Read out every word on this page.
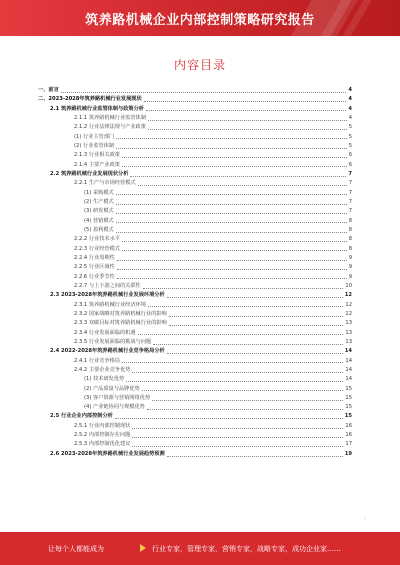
筑养路机械企业内部控制策略研究报告
内容目录
一、前言	4
二、2023-2028年筑养路机械行业发展现状	4
2.1 筑养路机械行业监管体制与政策分析	4
2.1.1 筑养路机械行业监管体制	4
2.1.2 行业法律法规与产业政策	5
(1) 行业主管部门	5
(2) 行业监管体制	5
2.1.3 行业相关政策	6
2.1.4 主要产业政策	6
2.2 筑养路机械行业发展现状分析	7
2.2.1 生产与市场经营模式	7
(1) 采购模式	7
(2) 生产模式	7
(3) 研发模式	7
(4) 营销模式	8
(5) 盈利模式	8
2.2.2 行业技术水平	8
2.2.3 行业经营模式	8
2.2.4 行业周期性	9
2.2.5 行业区域性	9
2.2.6 行业季节性	9
2.2.7 与上下游之间的关联性	10
2.3 2023-2028年筑养路机械行业发展环境分析	12
2.3.1 筑养路机械行业经济环境	12
2.3.2 国家战略对筑养路机械行业的影响	12
2.3.3 双碳目标对筑养路机械行业的影响	13
2.3.4 行业发展面临的机遇	13
2.3.5 行业发展面临的挑战与问题	13
2.4 2022-2028年筑养路机械行业竞争格局分析	14
2.4.1 行业竞争格局	14
2.4.2 主要企业竞争优势	14
(1) 技术研发优势	14
(2) 产品质量与品牌优势	15
(3) 客户资源与营销网络优势	15
(4) 产业链协同与规模优势	15
2.5 行业企业内部控制分析	15
2.5.1 行业内部控制现状	16
2.5.2 内部控制存在问题	16
2.5.3 内部控制优化建议	17
2.6 2023-2028年筑养路机械行业发展趋势预测	19
-
让每个人都能成为	行业专家，管理专家，营销专家，战略专家，成功企业家……
